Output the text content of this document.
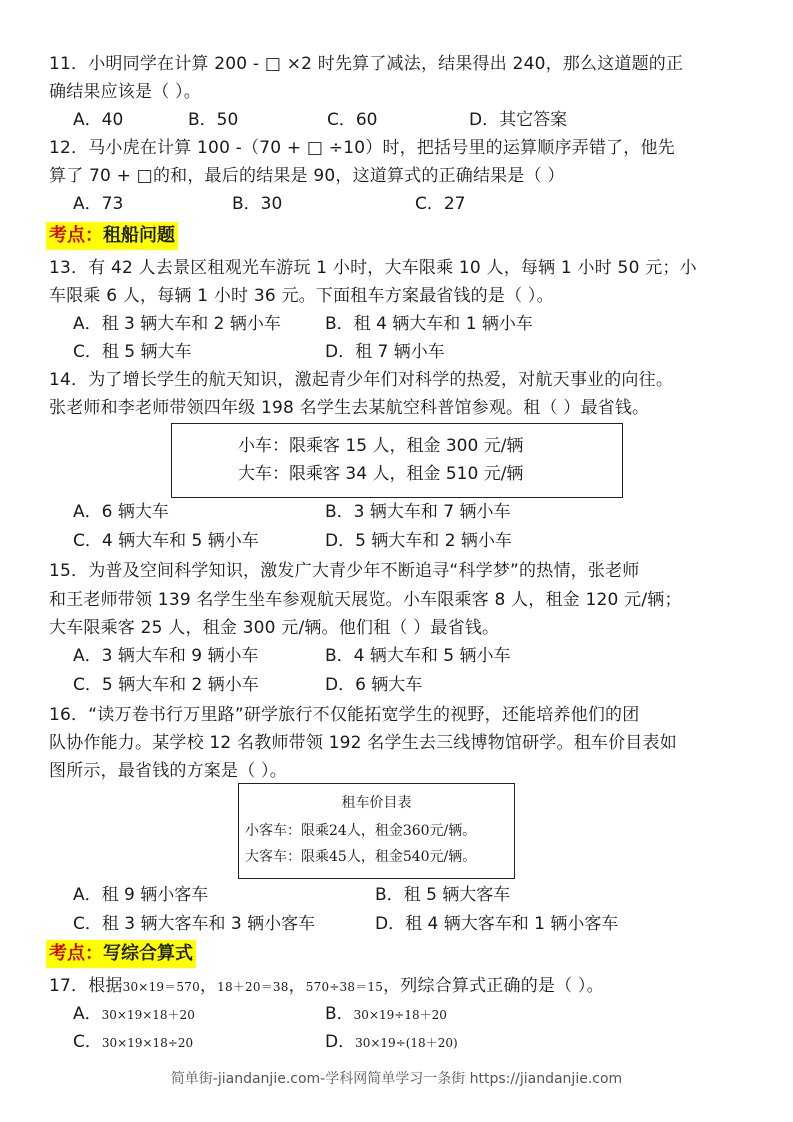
11．小明同学在计算 200 - □ ×2 时先算了减法，结果得出 240，那么这道题的正
确结果应该是（ ）。
A．40	B．50	C．60	D．其它答案
12．马小虎在计算 100 -（70 + □ ÷10）时，把括号里的运算顺序弄错了，他先
算了 70 + □的和，最后的结果是 90，这道算式的正确结果是（ ）
A．73	B．30	C．27
考点：租船问题
13．有 42 人去景区租观光车游玩 1 小时，大车限乘 10 人，每辆 1 小时 50 元；小
车限乘 6 人，每辆 1 小时 36 元。下面租车方案最省钱的是（ ）。
A．租 3 辆大车和 2 辆小车	B．租 4 辆大车和 1 辆小车
C．租 5 辆大车	D．租 7 辆小车
14．为了增长学生的航天知识，激起青少年们对科学的热爱，对航天事业的向往。
张老师和李老师带领四年级 198 名学生去某航空科普馆参观。租（ ）最省钱。
小车：限乘客 15 人，租金 300 元/辆
大车：限乘客 34 人，租金 510 元/辆
A．6 辆大车	B．3 辆大车和 7 辆小车
C．4 辆大车和 5 辆小车	D．5 辆大车和 2 辆小车
15．为普及空间科学知识，激发广大青少年不断追寻“科学梦”的热情，张老师
和王老师带领 139 名学生坐车参观航天展览。小车限乘客 8 人，租金 120 元/辆；
大车限乘客 25 人，租金 300 元/辆。他们租（ ）最省钱。
A．3 辆大车和 9 辆小车	B．4 辆大车和 5 辆小车
C．5 辆大车和 2 辆小车	D．6 辆大车
16．“读万卷书行万里路”研学旅行不仅能拓宽学生的视野，还能培养他们的团
队协作能力。某学校 12 名教师带领 192 名学生去三线博物馆研学。租车价目表如
图所示，最省钱的方案是（ ）。
租车价目表
小客车：限乘24人，租金360元/辆。
大客车：限乘45人，租金540元/辆。
A．租 9 辆小客车	B．租 5 辆大客车
C．租 3 辆大客车和 3 辆小客车	D．租 4 辆大客车和 1 辆小客车
考点：写综合算式
17．根据30×19＝570，18＋20＝38，570÷38＝15，列综合算式正确的是（ ）。
A．30×19×18＋20	B．30×19÷18＋20
C．30×19×18÷20	D．30×19÷(18＋20)
简单街-jiandanjie.com-学科网简单学习一条街 https://jiandanjie.com
